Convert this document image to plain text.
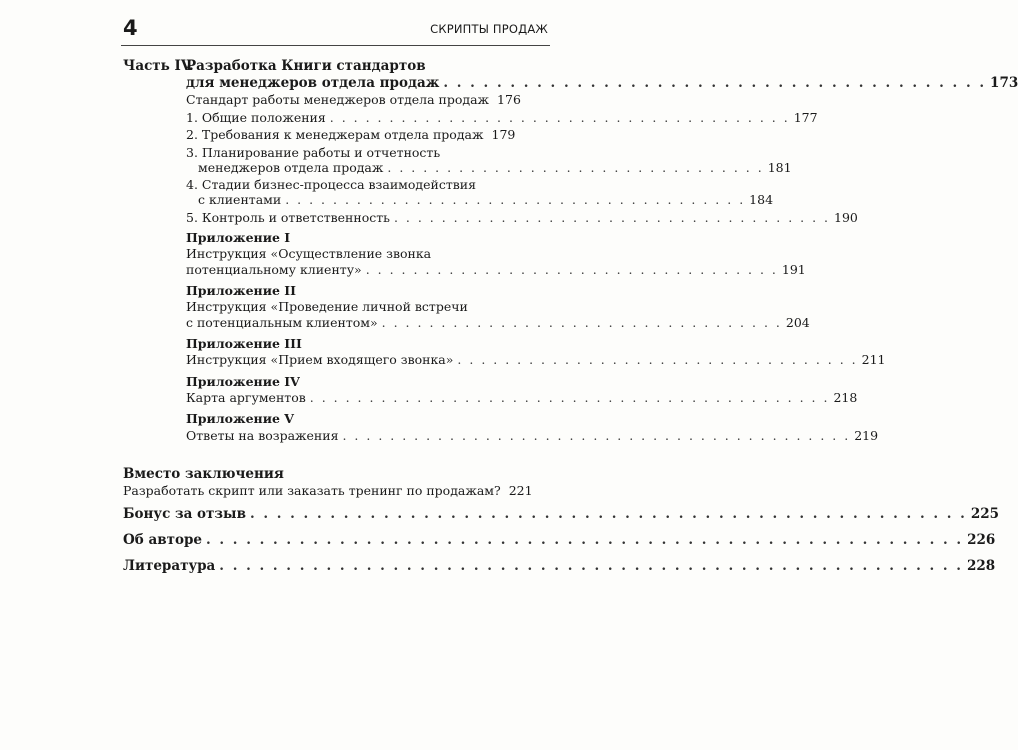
4	СКРИПТЫ ПРОДАЖ
Часть IV.
Разработка Книги стандартов
для менеджеров отдела продаж . . . . . . . . . . . . . . . . . . . . . . . . . . . . . . . . . . . . . . . . . 173
Стандарт работы менеджеров отдела продаж 176
1. Общие положения . . . . . . . . . . . . . . . . . . . . . . . . . . . . . . . . . . . . . . . 177
2. Требования к менеджерам отдела продаж 179
3. Планирование работы и отчетность
менеджеров отдела продаж . . . . . . . . . . . . . . . . . . . . . . . . . . . . . . . . 181
4. Стадии бизнес-процесса взаимодействия
с клиентами . . . . . . . . . . . . . . . . . . . . . . . . . . . . . . . . . . . . . . . 184
5. Контроль и ответственность . . . . . . . . . . . . . . . . . . . . . . . . . . . . . . . . . . . . . 190
Приложение I
Инструкция «Осуществление звонка
потенциальному клиенту» . . . . . . . . . . . . . . . . . . . . . . . . . . . . . . . . . . . 191
Приложение II
Инструкция «Проведение личной встречи
с потенциальным клиентом» . . . . . . . . . . . . . . . . . . . . . . . . . . . . . . . . . . 204
Приложение III
Инструкция «Прием входящего звонка» . . . . . . . . . . . . . . . . . . . . . . . . . . . . . . . . . . 211
Приложение IV
Карта аргументов . . . . . . . . . . . . . . . . . . . . . . . . . . . . . . . . . . . . . . . . . . . . 218
Приложение V
Ответы на возражения . . . . . . . . . . . . . . . . . . . . . . . . . . . . . . . . . . . . . . . . . . . 219
Вместо заключения
Разработать скрипт или заказать тренинг по продажам? 221
Бонус за отзыв . . . . . . . . . . . . . . . . . . . . . . . . . . . . . . . . . . . . . . . . . . . . . . . . . . . . . . 225
Об авторе . . . . . . . . . . . . . . . . . . . . . . . . . . . . . . . . . . . . . . . . . . . . . . . . . . . . . . . . . 226
Литература . . . . . . . . . . . . . . . . . . . . . . . . . . . . . . . . . . . . . . . . . . . . . . . . . . . . . . . . 228
